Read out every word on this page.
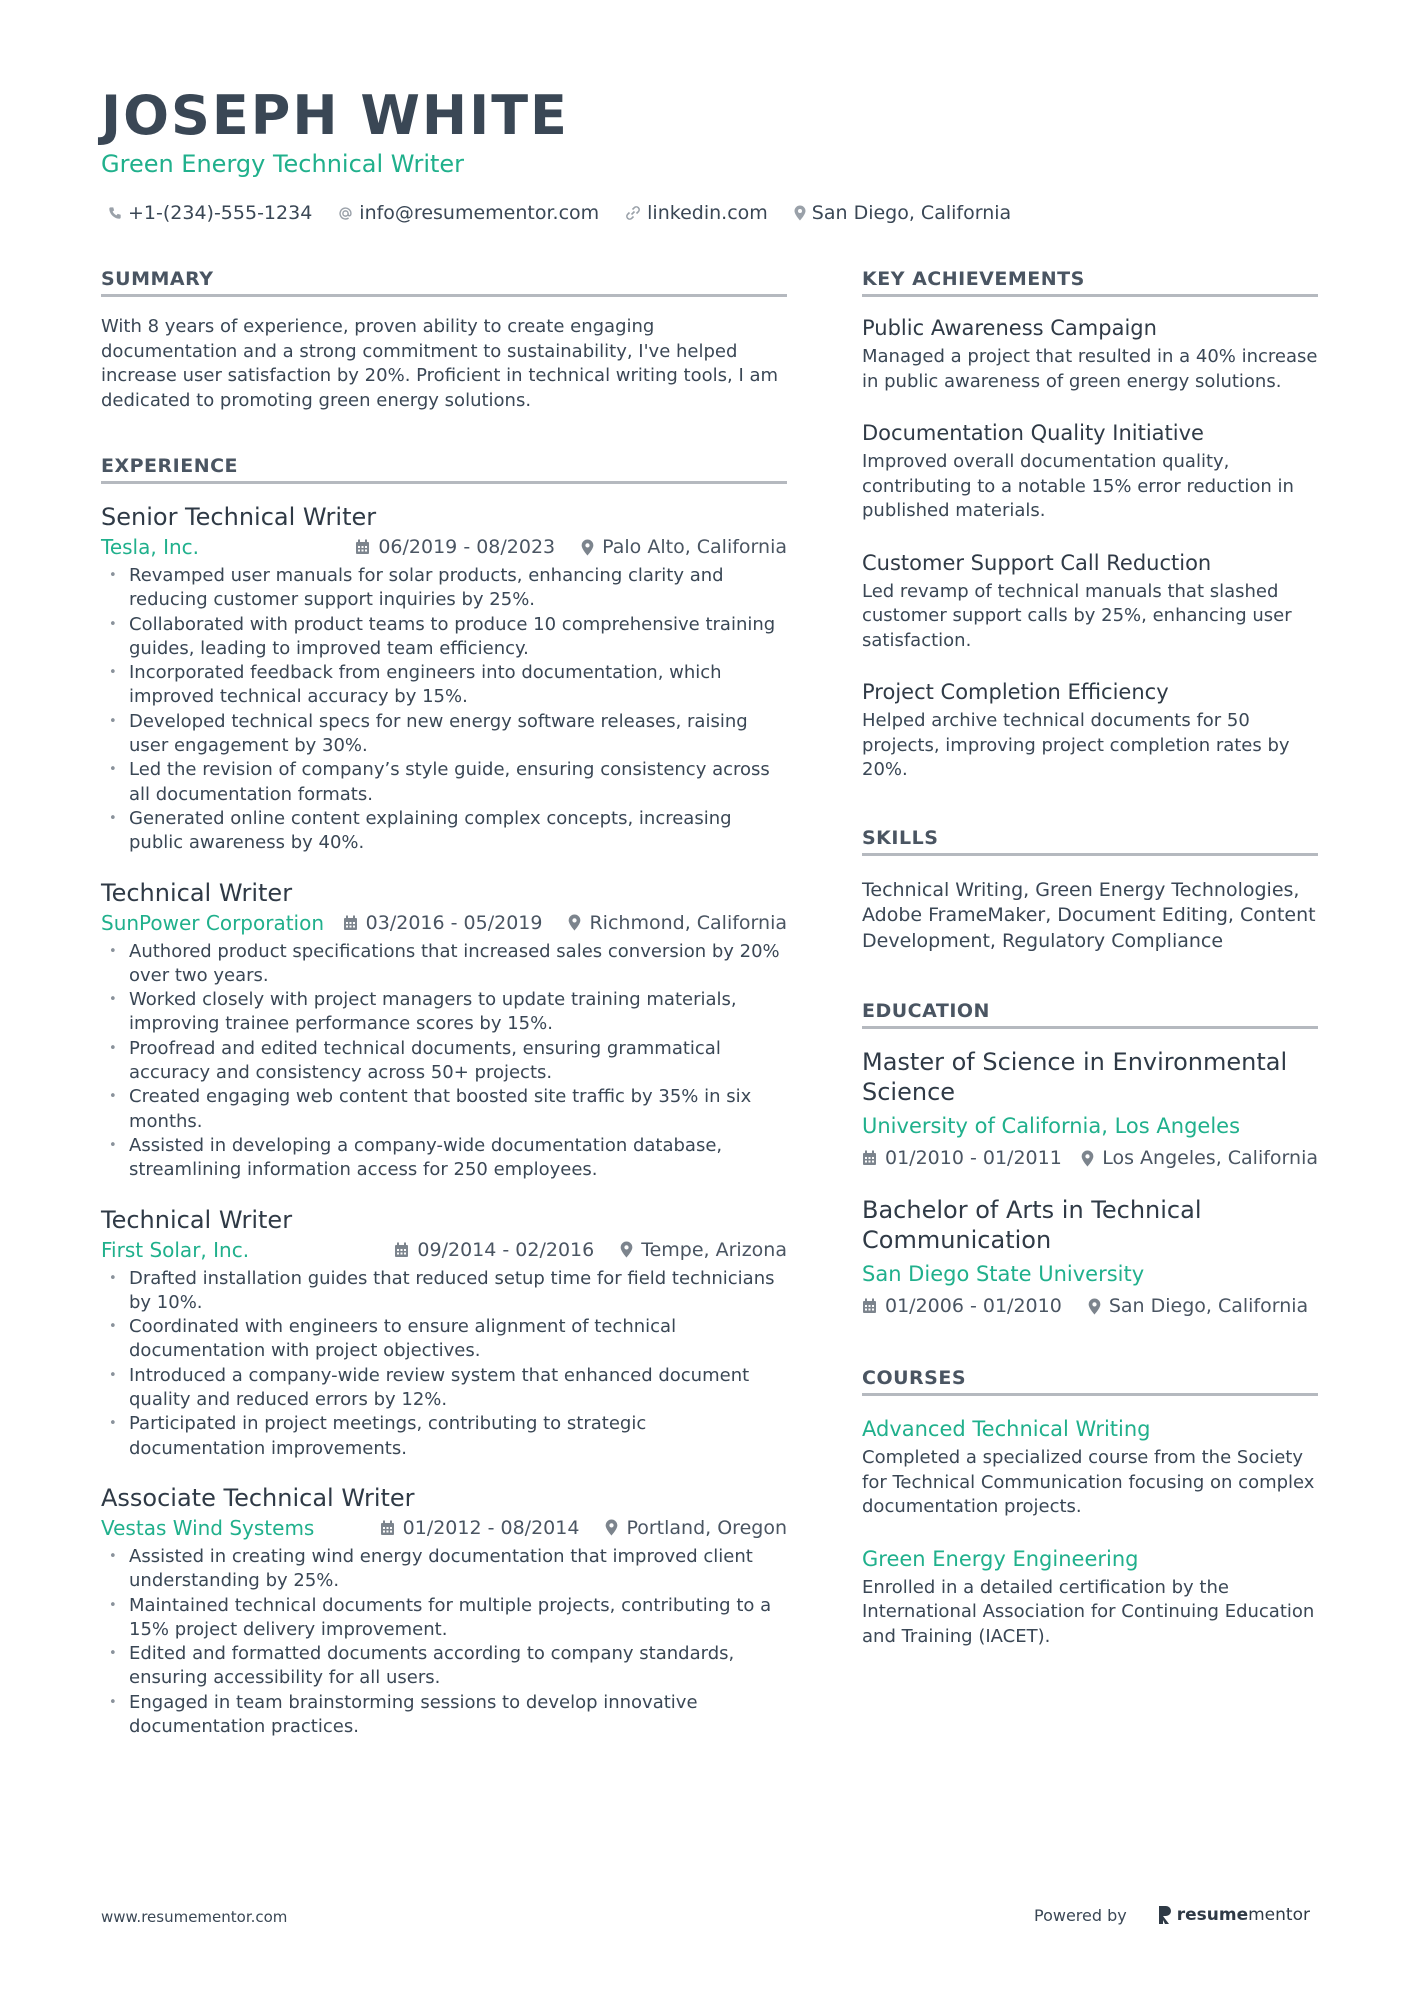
JOSEPH WHITE
Green Energy Technical Writer
+1-(234)-555-1234 info@resumementor.com	linkedin.com San Diego, California
SUMMARY

With 8 years of experience, proven ability to create engaging documentation and a strong commitment to sustainability, I've helped increase user satisfaction by 20%. Proficient in technical writing tools, I am dedicated to promoting green energy solutions.

EXPERIENCE
Senior Technical Writer
Tesla, Inc.	06/2019 - 08/2023 Palo Alto, California
• Revamped user manuals for solar products, enhancing clarity and reducing customer support inquiries by 25%.
• Collaborated with product teams to produce 10 comprehensive training guides, leading to improved team efficiency.
• Incorporated feedback from engineers into documentation, which improved technical accuracy by 15%.
• Developed technical specs for new energy software releases, raising user engagement by 30%.
• Led the revision of company’s style guide, ensuring consistency across all documentation formats.
• Generated online content explaining complex concepts, increasing public awareness by 40%.
Technical Writer
SunPower Corporation 03/2016 - 05/2019 Richmond, California
• Authored product specifications that increased sales conversion by 20% over two years.
• Worked closely with project managers to update training materials, improving trainee performance scores by 15%.
• Proofread and edited technical documents, ensuring grammatical accuracy and consistency across 50+ projects.
• Created engaging web content that boosted site traffic by 35% in six months.
• Assisted in developing a company-wide documentation database, streamlining information access for 250 employees.
Technical Writer
First Solar, Inc.	09/2014 - 02/2016 Tempe, Arizona
• Drafted installation guides that reduced setup time for field technicians by 10%.
• Coordinated with engineers to ensure alignment of technical documentation with project objectives.
• Introduced a company-wide review system that enhanced document quality and reduced errors by 12%.
• Participated in project meetings, contributing to strategic documentation improvements.
Associate Technical Writer
Vestas Wind Systems	01/2012 - 08/2014 Portland, Oregon
• Assisted in creating wind energy documentation that improved client understanding by 25%.
• Maintained technical documents for multiple projects, contributing to a 15% project delivery improvement.
• Edited and formatted documents according to company standards, ensuring accessibility for all users.
• Engaged in team brainstorming sessions to develop innovative documentation practices.
KEY ACHIEVEMENTS
Public Awareness Campaign
Managed a project that resulted in a 40% increase in public awareness of green energy solutions.
Documentation Quality Initiative
Improved overall documentation quality, contributing to a notable 15% error reduction in published materials.
Customer Support Call Reduction
Led revamp of technical manuals that slashed customer support calls by 25%, enhancing user satisfaction.
Project Completion Efficiency
Helped archive technical documents for 50 projects, improving project completion rates by 20%.
SKILLS

Technical Writing, Green Energy Technologies, Adobe FrameMaker, Document Editing, Content Development, Regulatory Compliance

EDUCATION
Master of Science in Environmental Science
University of California, Los Angeles
01/2010 - 01/2011 Los Angeles, California
Bachelor of Arts in Technical Communication
San Diego State University
01/2006 - 01/2010 San Diego, California
COURSES
Advanced Technical Writing
Completed a specialized course from the Society for Technical Communication focusing on complex documentation projects.
Green Energy Engineering
Enrolled in a detailed certification by the International Association for Continuing Education and Training (IACET).
www.resumementor.com	Powered by	resume mentor
